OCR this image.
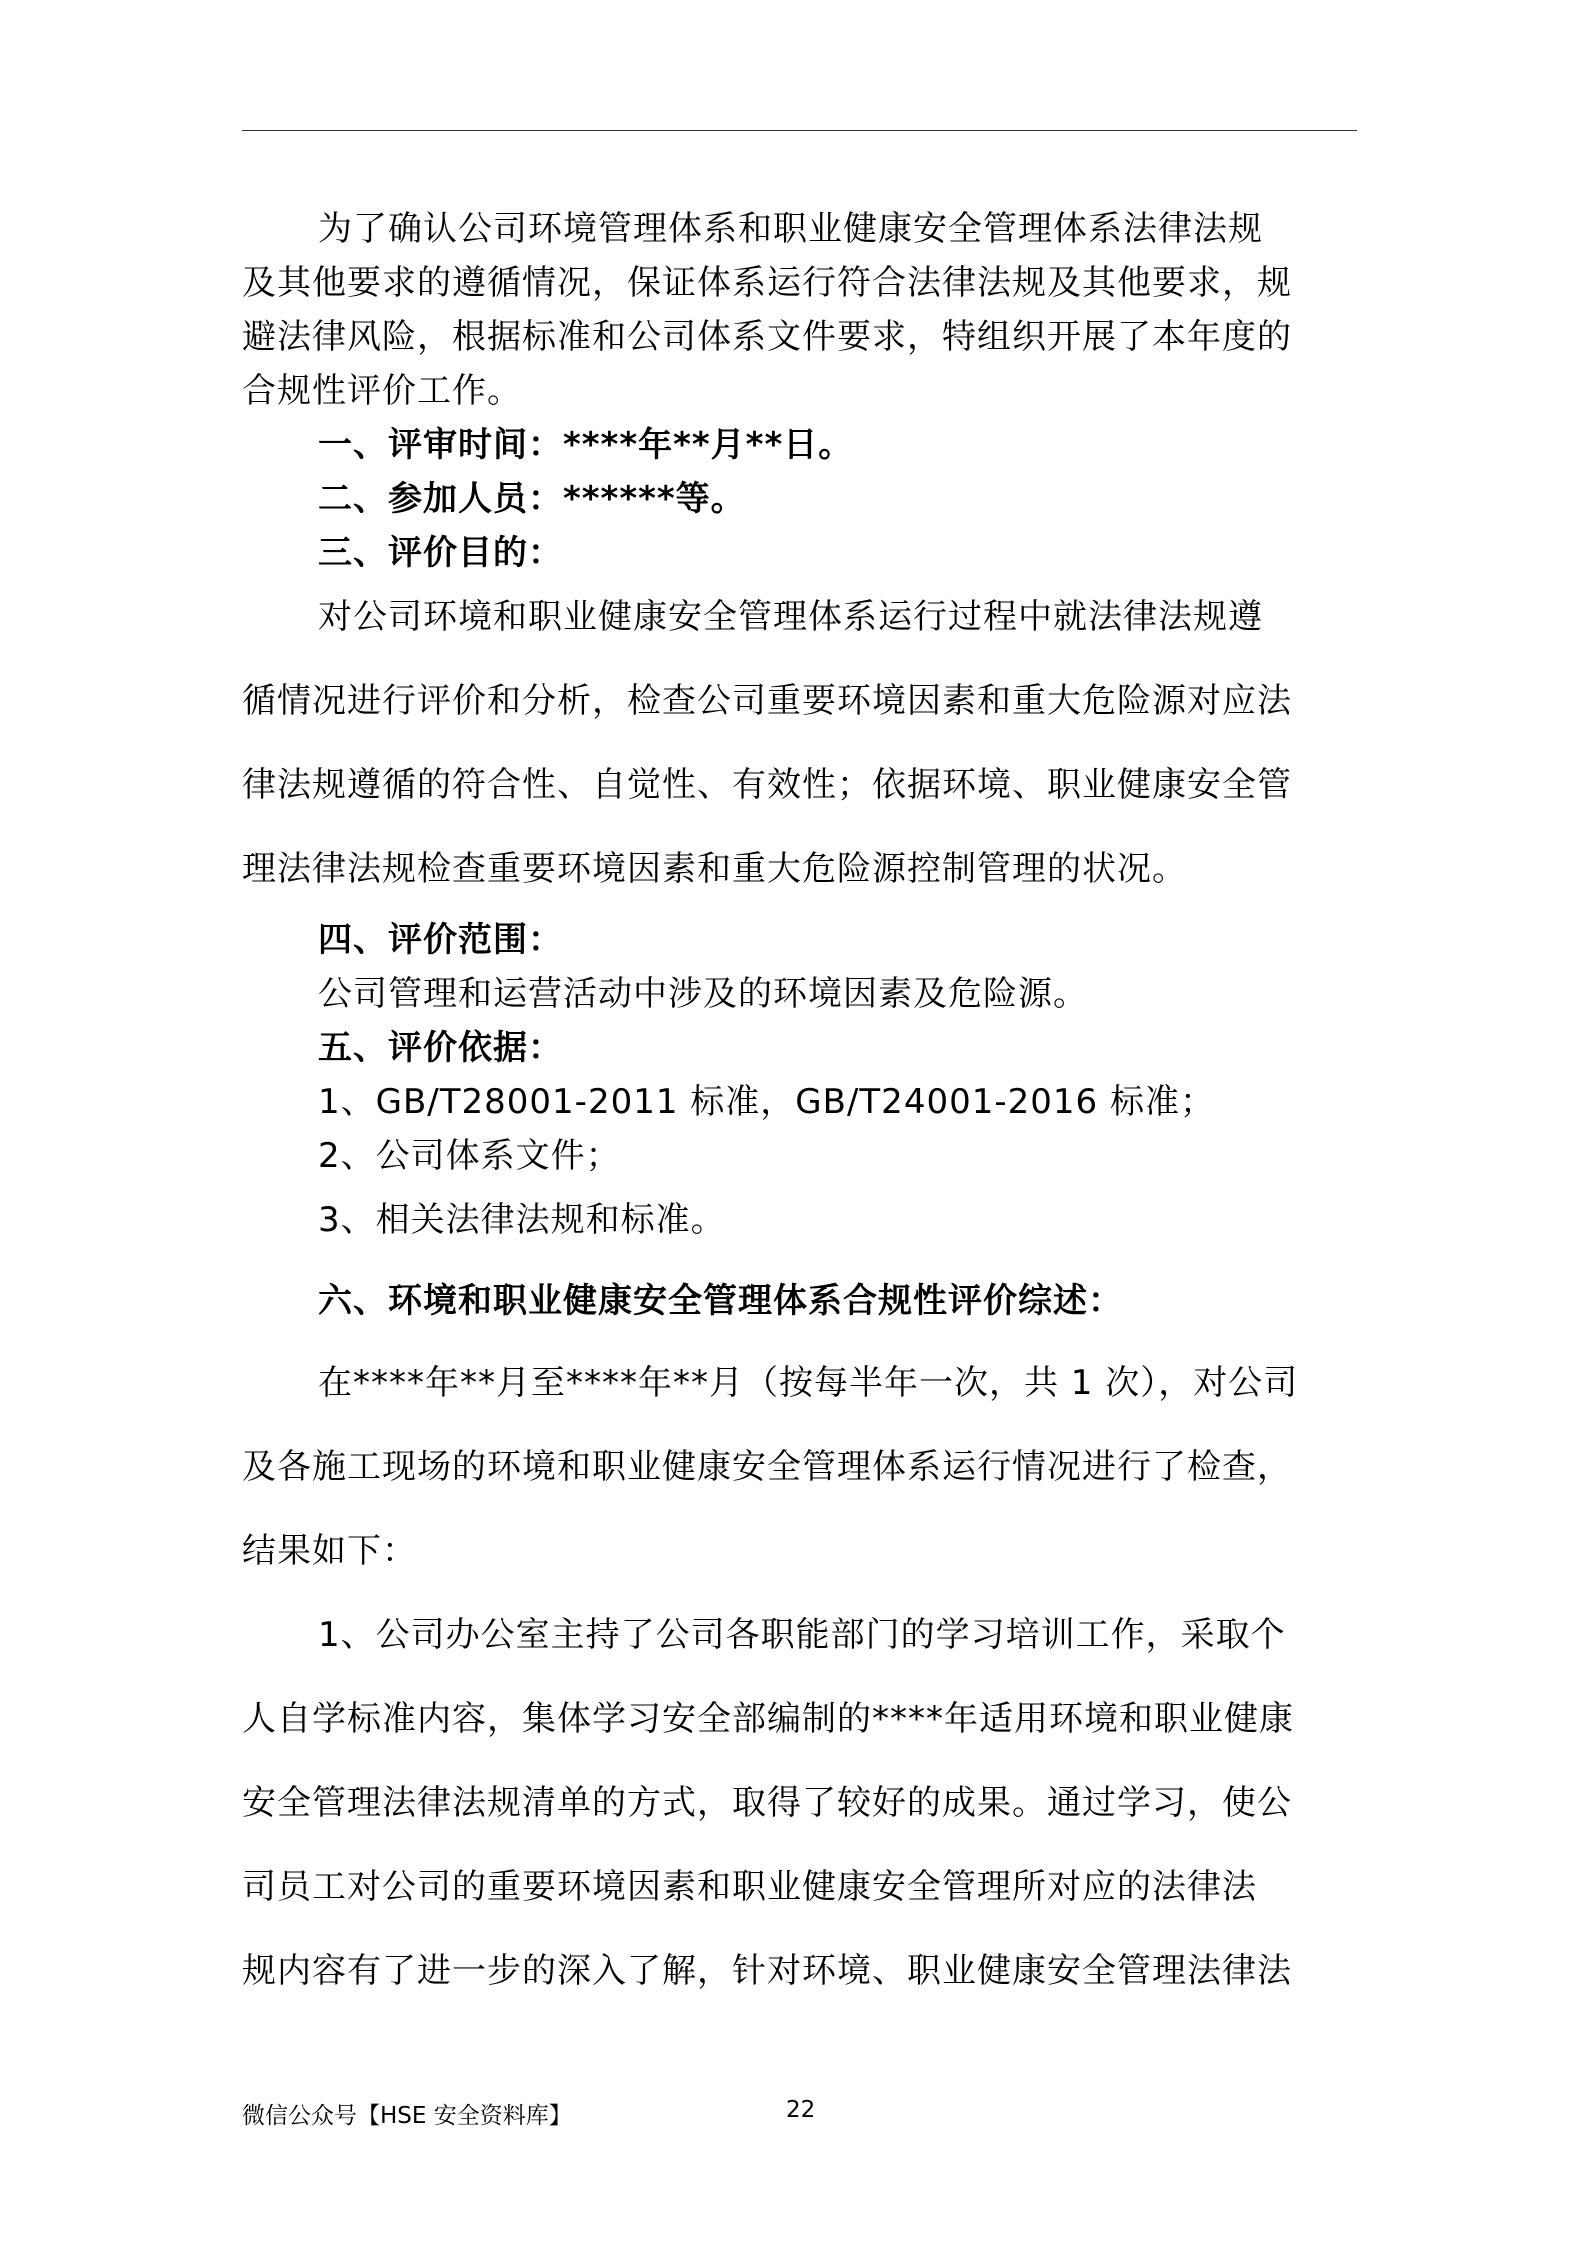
为了确认公司环境管理体系和职业健康安全管理体系法律法规
及其他要求的遵循情况，保证体系运行符合法律法规及其他要求，规
避法律风险，根据标准和公司体系文件要求，特组织开展了本年度的
合规性评价工作。
一、评审时间：****年**月**日。
二、参加人员：******等。
三、评价目的：
对公司环境和职业健康安全管理体系运行过程中就法律法规遵
循情况进行评价和分析，检查公司重要环境因素和重大危险源对应法
律法规遵循的符合性、自觉性、有效性；依据环境、职业健康安全管
理法律法规检查重要环境因素和重大危险源控制管理的状况。
四、评价范围：
公司管理和运营活动中涉及的环境因素及危险源。
五、评价依据：
1、GB/T28001-2011 标准，GB/T24001-2016 标准；
2、公司体系文件；
3、相关法律法规和标准。
六、环境和职业健康安全管理体系合规性评价综述：
在****年**月至****年**月（按每半年一次，共 1 次），对公司
及各施工现场的环境和职业健康安全管理体系运行情况进行了检查，
结果如下：
1、公司办公室主持了公司各职能部门的学习培训工作，采取个
人自学标准内容，集体学习安全部编制的****年适用环境和职业健康
安全管理法律法规清单的方式，取得了较好的成果。通过学习，使公
司员工对公司的重要环境因素和职业健康安全管理所对应的法律法
规内容有了进一步的深入了解，针对环境、职业健康安全管理法律法
微信公众号【HSE 安全资料库】	22
